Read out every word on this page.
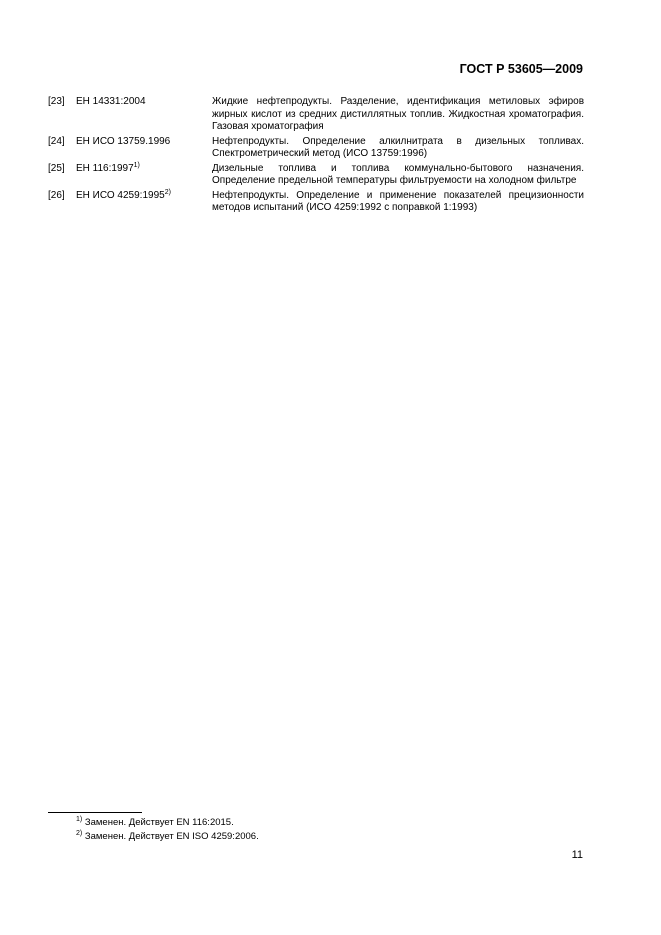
ГОСТ Р 53605—2009
[23]	ЕН 14331:2004	Жидкие нефтепродукты. Разделение, идентификация метиловых эфиров жирных кислот из средних дистиллятных топлив. Жидкостная хроматография. Газовая хроматография
[24]	ЕН ИСО 13759.1996	Нефтепродукты. Определение алкилнитрата в дизельных топливах. Спектрометрический метод (ИСО 13759:1996)
[25]	ЕН 116:1997$^{1)}$	Дизельные топлива и топлива коммунально-бытового назначения. Определение предельной температуры фильтруемости на холодном фильтре
[26]	ЕН ИСО 4259:1995$^{2)}$	Нефтепродукты. Определение и применение показателей прецизионности методов испытаний (ИСО 4259:1992 с поправкой 1:1993)
$^{1)}$ Заменен. Действует EN 116:2015.
$^{2)}$ Заменен. Действует EN ISO 4259:2006.
11
